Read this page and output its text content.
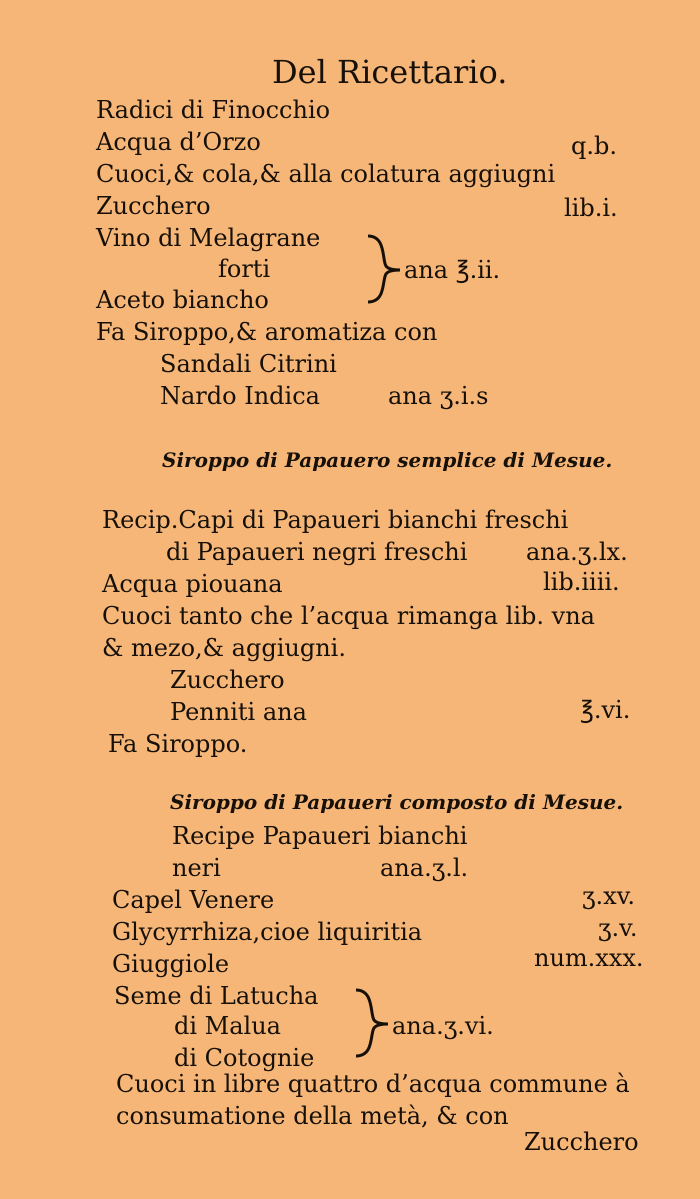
Del Ricettario.
Radici di Finocchio
Acqua d’Orzo	q.b.
Cuoci,& cola,& alla colatura aggiugni
Zucchero	lib.i.
Vino di Melagrane
forti	ana ℥.ii.
Aceto biancho
Fa Siroppo,& aromatiza con
Sandali Citrini
Nardo Indica	ana ʒ.i.s
Siroppo di Papauero semplice di Mesue.
Recip.Capi di Papaueri bianchi freschi
di Papaueri negri freschi ana.ʒ.lx.
Acqua piouana	lib.iiii.
Cuoci tanto che l’acqua rimanga lib. vna
& mezo,& aggiugni.
Zucchero
Penniti ana	℥.vi.
Fa Siroppo.
Siroppo di Papaueri composto di Mesue.
Recipe Papaueri bianchi
neri	ana.ʒ.l.
Capel Venere	ʒ.xv.
Glycyrrhiza,cioe liquiritia	ʒ.v.
Giuggiole	num.xxx.
Seme di Latucha
di Malua	ana.ʒ.vi.
di Cotognie
Cuoci in libre quattro d’acqua commune à
consumatione della metà, & con
Zucchero
